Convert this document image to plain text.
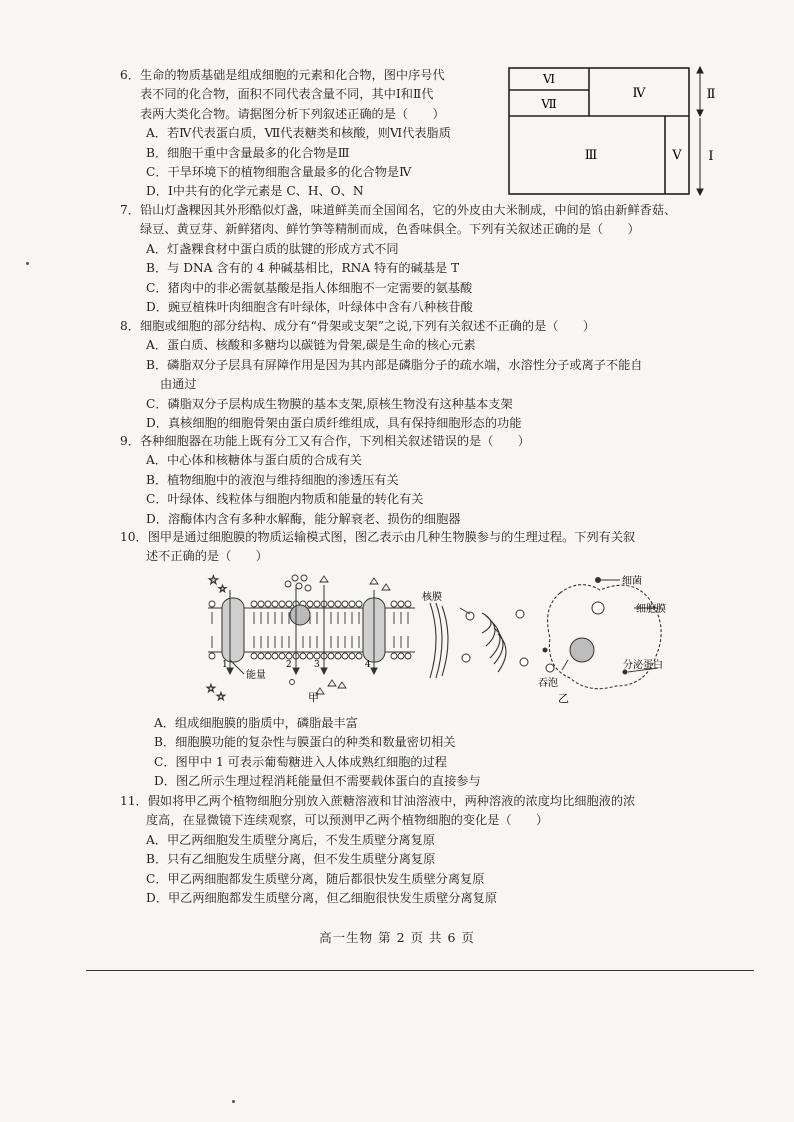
6．生命的物质基础是组成细胞的元素和化合物，图中序号代
表不同的化合物，面积不同代表含量不同，其中Ⅰ和Ⅱ代
表两大类化合物。请据图分析下列叙述正确的是（　　）
A．若Ⅳ代表蛋白质，Ⅶ代表糖类和核酸，则Ⅵ代表脂质
B．细胞干重中含量最多的化合物是Ⅲ
C．干旱环境下的植物细胞含量最多的化合物是Ⅳ
D．Ⅰ中共有的化学元素是 C、H、O、N
Ⅵ
Ⅶ
Ⅳ
Ⅲ	Ⅴ
Ⅱ
Ⅰ
7．铅山灯盏粿因其外形酷似灯盏，味道鲜美而全国闻名，它的外皮由大米制成，中间的馅由新鲜香菇、
绿豆、黄豆芽、新鲜猪肉、鲜竹笋等精制而成，色香味俱全。下列有关叙述正确的是（　　）
A．灯盏粿食材中蛋白质的肽键的形成方式不同
B．与 DNA 含有的 4 种碱基相比，RNA 特有的碱基是 T
C．猪肉中的非必需氨基酸是指人体细胞不一定需要的氨基酸
D．豌豆植株叶肉细胞含有叶绿体，叶绿体中含有八种核苷酸
8．细胞或细胞的部分结构、成分有“骨架或支架”之说,下列有关叙述不正确的是（　　）
A．蛋白质、核酸和多糖均以碳链为骨架,碳是生命的核心元素
B．磷脂双分子层具有屏障作用是因为其内部是磷脂分子的疏水端，水溶性分子或离子不能自
由通过
C．磷脂双分子层构成生物膜的基本支架,原核生物没有这种基本支架
D．真核细胞的细胞骨架由蛋白质纤维组成，具有保持细胞形态的功能
9．各种细胞器在功能上既有分工又有合作，下列相关叙述错误的是（　　）
A．中心体和核糖体与蛋白质的合成有关
B．植物细胞中的液泡与维持细胞的渗透压有关
C．叶绿体、线粒体与细胞内物质和能量的转化有关
D．溶酶体内含有多种水解酶，能分解衰老、损伤的细胞器
10．图甲是通过细胞膜的物质运输模式图，图乙表示由几种生物膜参与的生理过程。下列有关叙
述不正确的是（　　）
☆
☆
☆
☆
1	2 3	4
能量
甲
核膜
细菌
细胞膜
分泌蛋白
吞泡
乙
A．组成细胞膜的脂质中，磷脂最丰富
B．细胞膜功能的复杂性与膜蛋白的种类和数量密切相关
C．图甲中 1 可表示葡萄糖进入人体成熟红细胞的过程
D．图乙所示生理过程消耗能量但不需要载体蛋白的直接参与
11．假如将甲乙两个植物细胞分别放入蔗糖溶液和甘油溶液中，两种溶液的浓度均比细胞液的浓
度高，在显微镜下连续观察，可以预测甲乙两个植物细胞的变化是（　　）
A．甲乙两细胞发生质壁分离后，不发生质壁分离复原
B．只有乙细胞发生质壁分离，但不发生质壁分离复原
C．甲乙两细胞都发生质壁分离，随后都很快发生质壁分离复原
D．甲乙两细胞都发生质壁分离，但乙细胞很快发生质壁分离复原
高一生物 第 2 页 共 6 页
